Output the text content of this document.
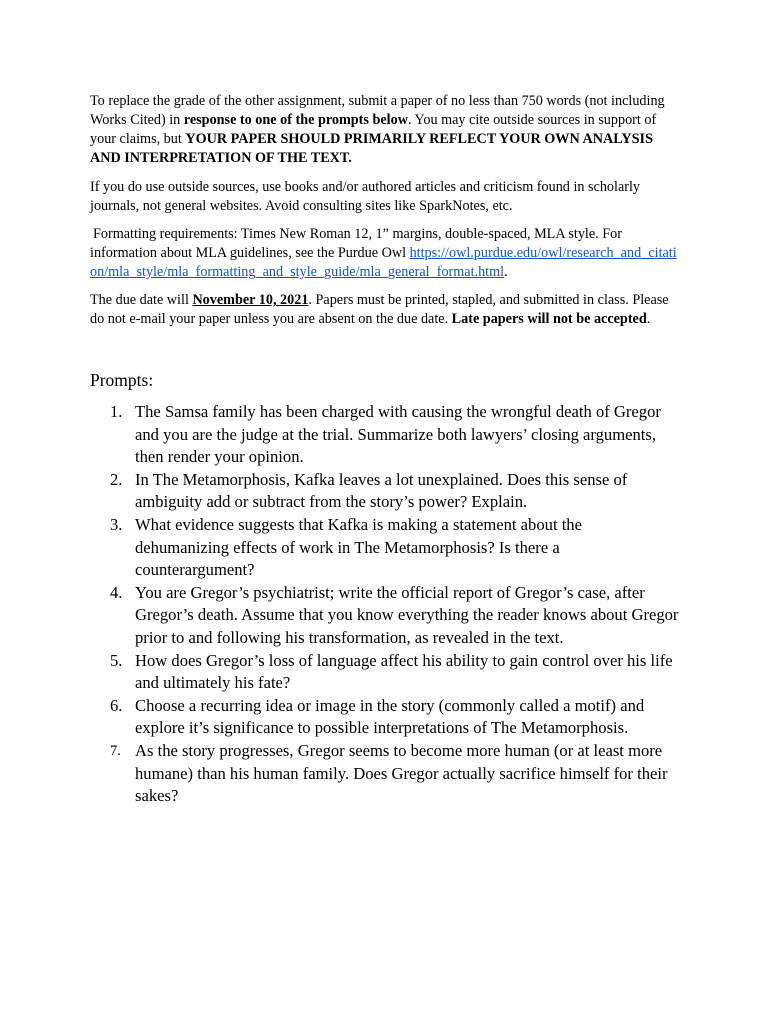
To replace the grade of the other assignment, submit a paper of no less than 750 words (not including Works Cited) in response to one of the prompts below. You may cite outside sources in support of your claims, but YOUR PAPER SHOULD PRIMARILY REFLECT YOUR OWN ANALYSIS AND INTERPRETATION OF THE TEXT.

If you do use outside sources, use books and/or authored articles and criticism found in scholarly journals, not general websites. Avoid consulting sites like SparkNotes, etc.

Formatting requirements: Times New Roman 12, 1” margins, double-spaced, MLA style. For information about MLA guidelines, see the Purdue Owl https://owl.purdue.edu/owl/research_and_citation/mla_style/mla_formatting_and_style_guide/mla_general_format.html.

The due date will November 10, 2021. Papers must be printed, stapled, and submitted in class. Please do not e-mail your paper unless you are absent on the due date. Late papers will not be accepted.

Prompts:
1. The Samsa family has been charged with causing the wrongful death of Gregor and you are the judge at the trial. Summarize both lawyers’ closing arguments, then render your opinion.
2. In The Metamorphosis, Kafka leaves a lot unexplained. Does this sense of ambiguity add or subtract from the story’s power? Explain.
3. What evidence suggests that Kafka is making a statement about the dehumanizing effects of work in The Metamorphosis? Is there a counterargument?
4. You are Gregor’s psychiatrist; write the official report of Gregor’s case, after Gregor’s death. Assume that you know everything the reader knows about Gregor prior to and following his transformation, as revealed in the text.
5. How does Gregor’s loss of language affect his ability to gain control over his life and ultimately his fate?
6. Choose a recurring idea or image in the story (commonly called a motif) and explore it’s significance to possible interpretations of The Metamorphosis.
7. As the story progresses, Gregor seems to become more human (or at least more humane) than his human family. Does Gregor actually sacrifice himself for their sakes?
